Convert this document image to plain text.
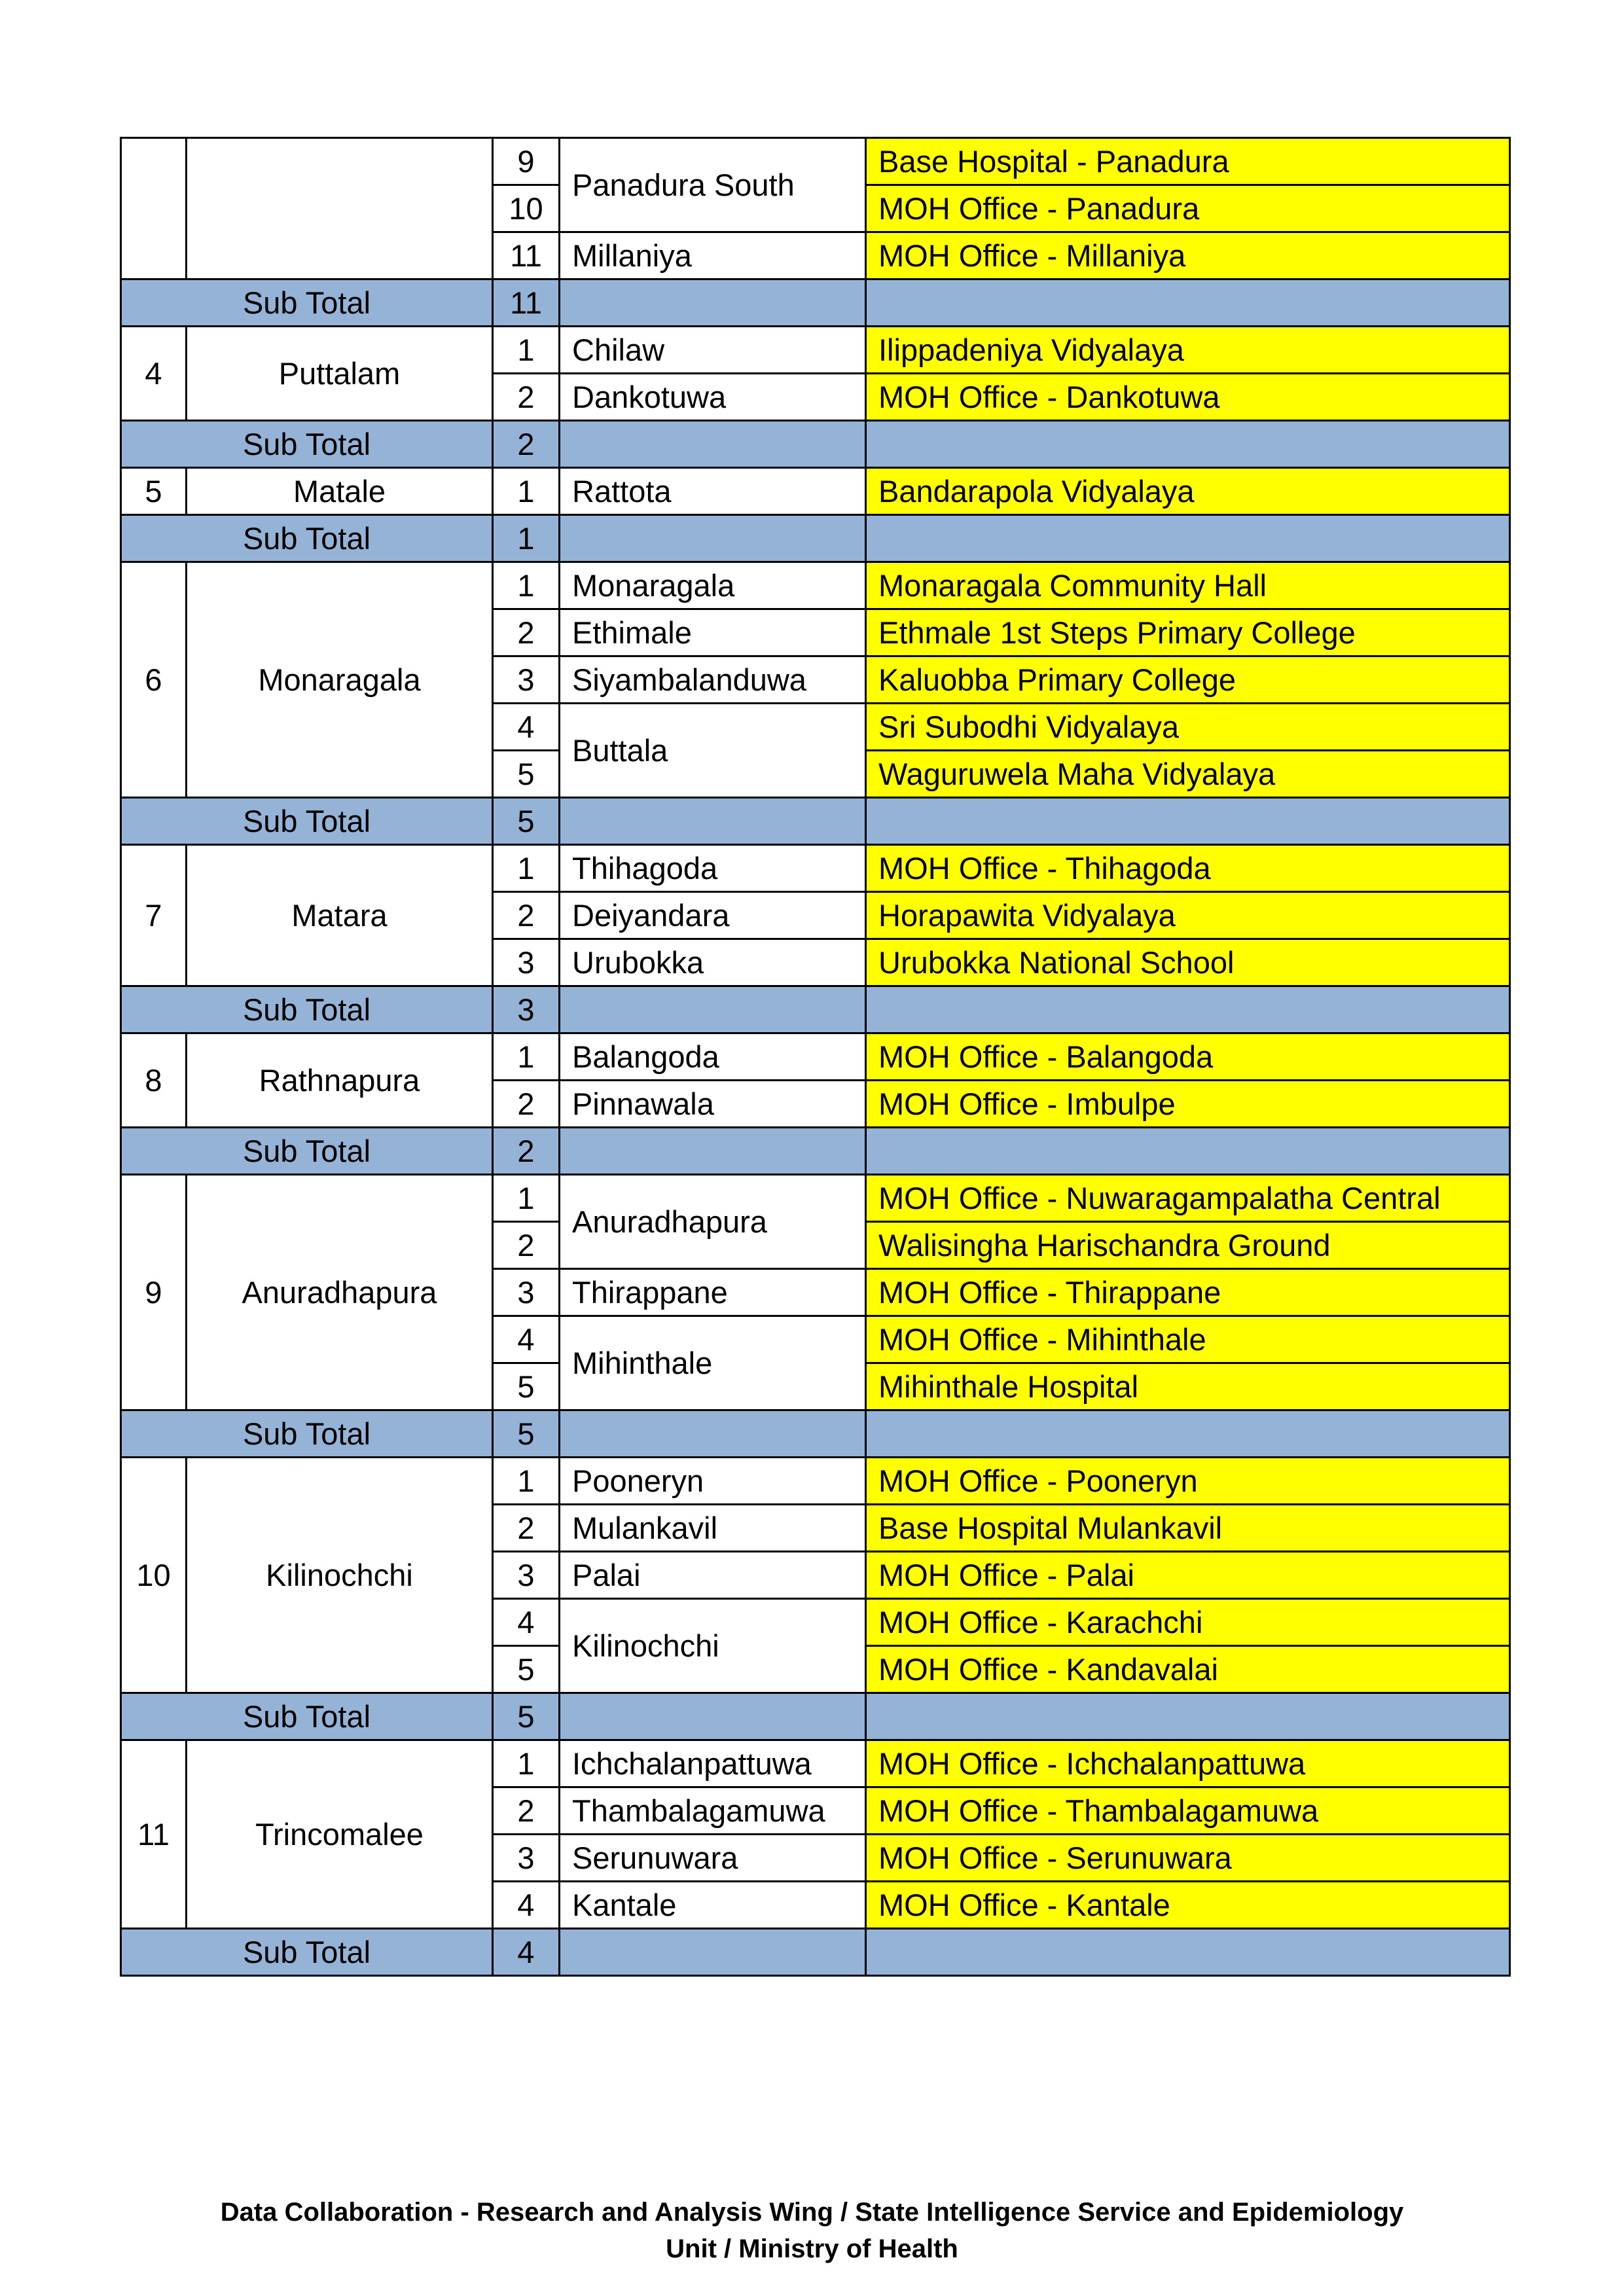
		9	Panadura South	Base Hospital - Panadura
		10		MOH Office - Panadura
		11	Millaniya	MOH Office - Millaniya
Sub Total		11		
4	Puttalam	1	Chilaw	Ilippadeniya Vidyalaya
		2	Dankotuwa	MOH Office - Dankotuwa
Sub Total		2		
5	Matale	1	Rattota	Bandarapola Vidyalaya
Sub Total		1		
6	Monaragala	1	Monaragala	Monaragala Community Hall
		2	Ethimale	Ethmale 1st Steps Primary College
		3	Siyambalanduwa	Kaluobba Primary College
		4	Buttala	Sri Subodhi Vidyalaya
		5		Waguruwela Maha Vidyalaya
Sub Total		5		
7	Matara	1	Thihagoda	MOH Office - Thihagoda
		2	Deiyandara	Horapawita Vidyalaya
		3	Urubokka	Urubokka National School
Sub Total		3		
8	Rathnapura	1	Balangoda	MOH Office - Balangoda
		2	Pinnawala	MOH Office - Imbulpe
Sub Total		2		
9	Anuradhapura	1	Anuradhapura	MOH Office - Nuwaragampalatha Central
		2		Walisingha Harischandra Ground
		3	Thirappane	MOH Office - Thirappane
		4	Mihinthale	MOH Office - Mihinthale
		5		Mihinthale Hospital
Sub Total		5		
10	Kilinochchi	1	Pooneryn	MOH Office - Pooneryn
		2	Mulankavil	Base Hospital Mulankavil
		3	Palai	MOH Office - Palai
		4	Kilinochchi	MOH Office - Karachchi
		5		MOH Office - Kandavalai
Sub Total		5		
11	Trincomalee	1	Ichchalanpattuwa	MOH Office - Ichchalanpattuwa
		2	Thambalagamuwa	MOH Office - Thambalagamuwa
		3	Serunuwara	MOH Office - Serunuwara
		4	Kantale	MOH Office - Kantale
Sub Total		4		
Data Collaboration - Research and Analysis Wing / State Intelligence Service and Epidemiology
Unit / Ministry of Health
